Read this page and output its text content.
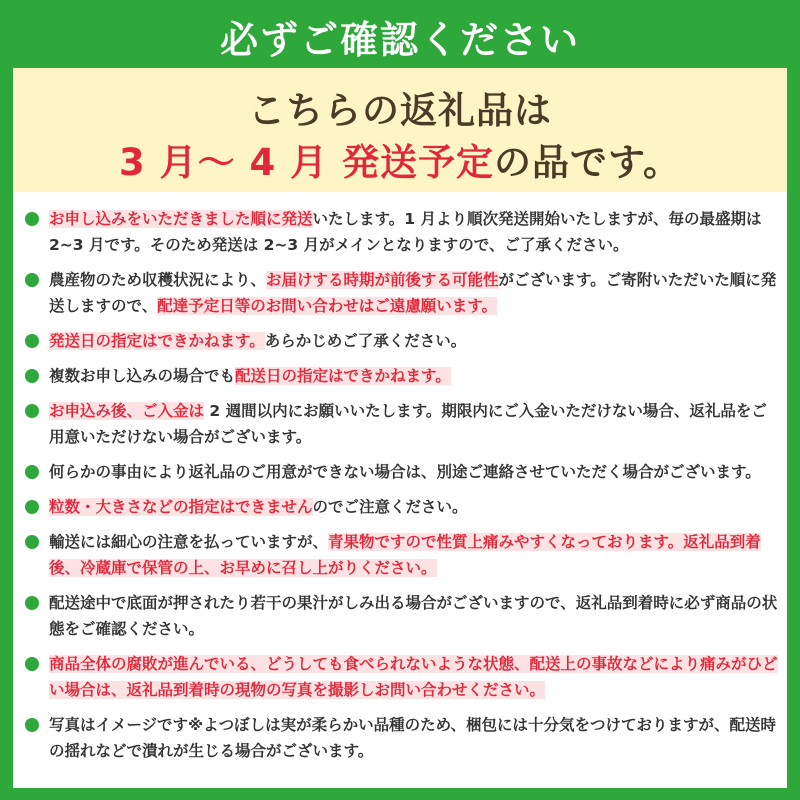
必ずご確認ください
こちらの返礼品は
3 月〜 4 月 発送予定の品です。
お申し込みをいただきました順に発送いたします。1 月より順次発送開始いたしますが、毎の最盛期は 2~3 月です。そのため発送は 2~3 月がメインとなりますので、ご了承ください。
農産物のため収穫状況により、お届けする時期が前後する可能性がございます。ご寄附いただいた順に発送しますので、配達予定日等のお問い合わせはご遠慮願います。
発送日の指定はできかねます。あらかじめご了承ください。
複数お申し込みの場合でも配送日の指定はできかねます。
お申込み後、ご入金は 2 週間以内にお願いいたします。期限内にご入金いただけない場合、返礼品をご用意いただけない場合がございます。
何らかの事由により返礼品のご用意ができない場合は、別途ご連絡させていただく場合がございます。
粒数・大きさなどの指定はできませんのでご注意ください。
輸送には細心の注意を払っていますが、青果物ですので性質上痛みやすくなっております。返礼品到着後、冷蔵庫で保管の上、お早めに召し上がりください。
配送途中で底面が押されたり若干の果汁がしみ出る場合がございますので、返礼品到着時に必ず商品の状態をご確認ください。
商品全体の腐敗が進んでいる、どうしても食べられないような状態、配送上の事故などにより痛みがひどい場合は、返礼品到着時の現物の写真を撮影しお問い合わせください。
写真はイメージです※よつぼしは実が柔らかい品種のため、梱包には十分気をつけておりますが、配送時の揺れなどで潰れが生じる場合がございます。
